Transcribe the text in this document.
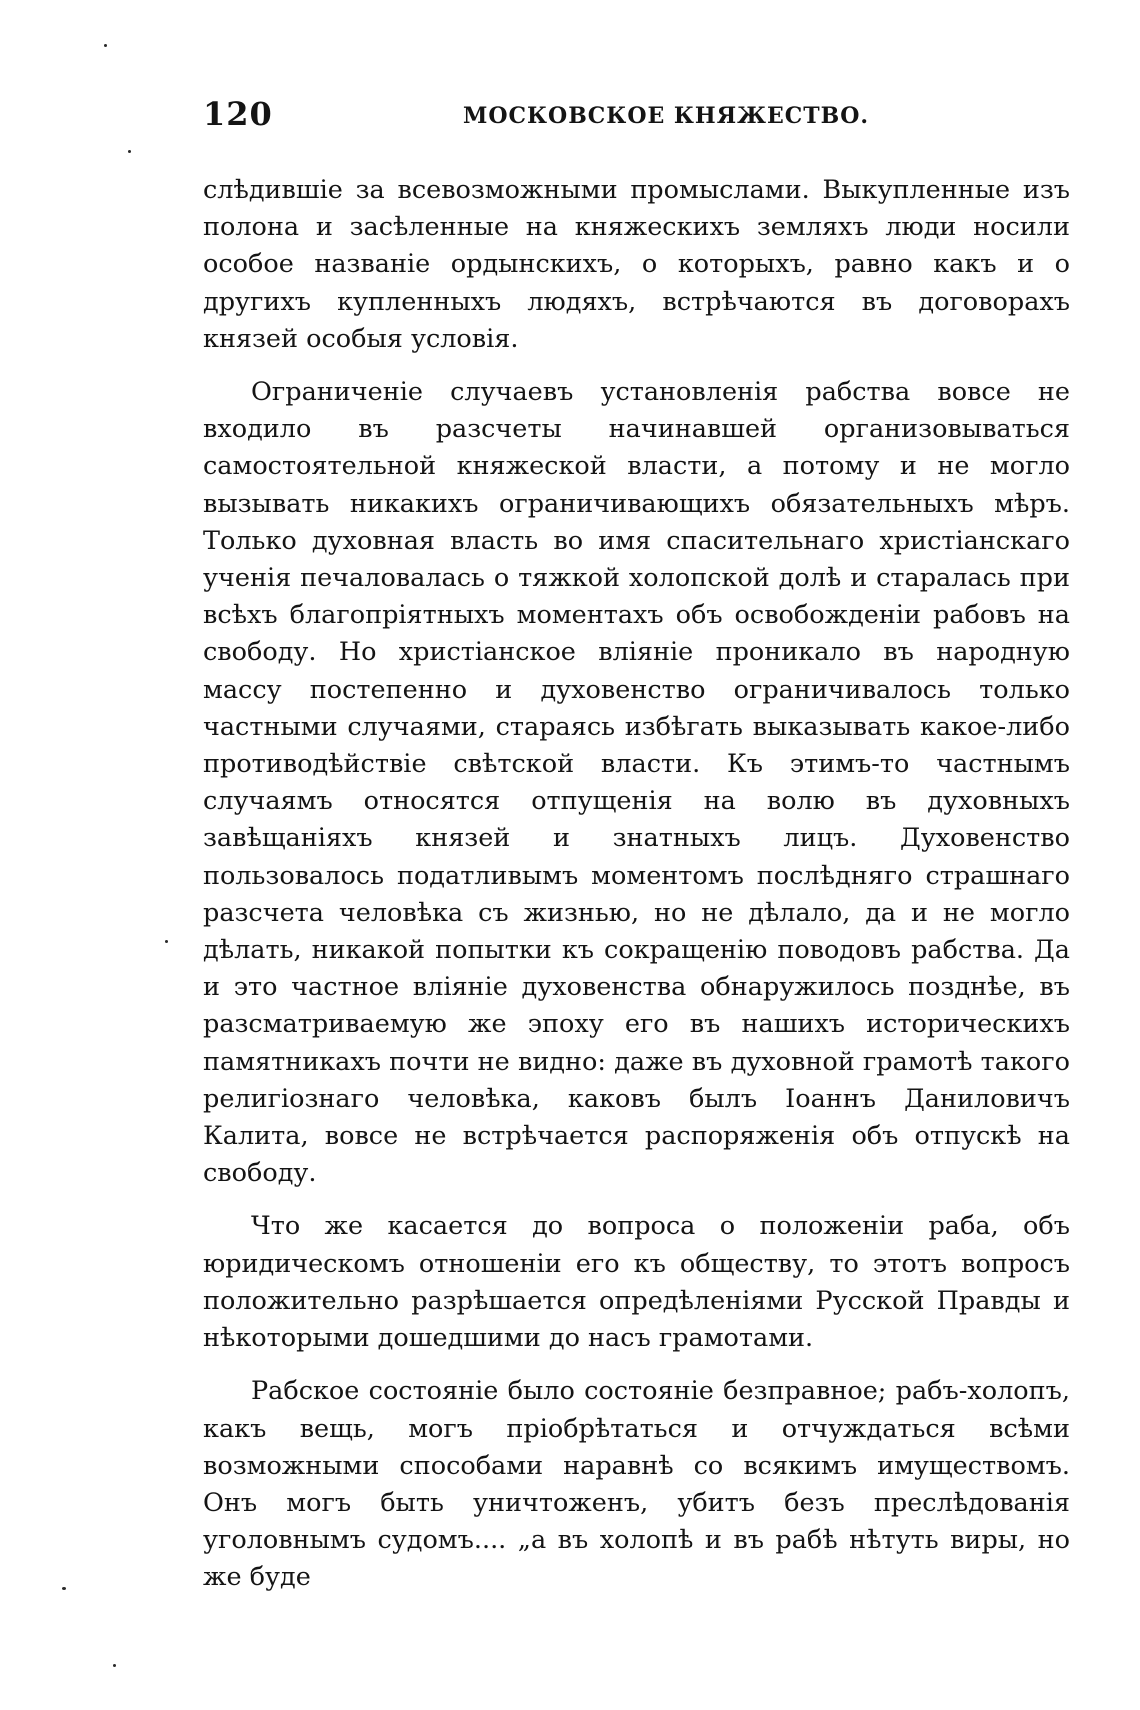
120	МОСКОВСКОЕ КНЯЖЕСТВО.

слѣдившіе за всевозможными промыслами. Выкупленные изъ полона и засѣленные на княжескихъ земляхъ люди носили особое названіе ордынскихъ, о которыхъ, равно какъ и о другихъ купленныхъ людяхъ, встрѣчаются въ договорахъ князей особыя условія.

Ограниченіе случаевъ установленія рабства вовсе не входило въ разсчеты начинавшей организовываться самостоятельной княжеской власти, а потому и не могло вызывать никакихъ ограничивающихъ обязательныхъ мѣръ. Только духовная власть во имя спасительнаго христіанскаго ученія печаловалась о тяжкой холопской долѣ и старалась при всѣхъ благопріятныхъ моментахъ объ освобожденіи рабовъ на свободу. Но христіанское вліяніе проникало въ народную массу постепенно и духовенство ограничивалось только частными случаями, стараясь избѣгать выказывать какое-либо противодѣйствіе свѣтской власти. Къ этимъ-то частнымъ случаямъ относятся отпущенія на волю въ духовныхъ завѣщаніяхъ князей и знатныхъ лицъ. Духовенство пользовалось податливымъ моментомъ послѣдняго страшнаго разсчета человѣка съ жизнью, но не дѣлало, да и не могло дѣлать, никакой попытки къ сокращенію поводовъ рабства. Да и это частное вліяніе духовенства обнаружилось позднѣе, въ разсматриваемую же эпоху его въ нашихъ историческихъ памятникахъ почти не видно: даже въ духовной грамотѣ такого религіознаго человѣка, каковъ былъ Іоаннъ Даниловичъ Калита, вовсе не встрѣчается распоряженія объ отпускѣ на свободу.

Что же касается до вопроса о положеніи раба, объ юридическомъ отношеніи его къ обществу, то этотъ вопросъ положительно разрѣшается опредѣленіями Русской Правды и нѣкоторыми дошедшими до насъ грамотами.

Рабское состояніе было состояніе безправное; рабъ-холопъ, какъ вещь, могъ пріобрѣтаться и отчуждаться всѣми возможными способами наравнѣ со всякимъ имуществомъ. Онъ могъ быть уничтоженъ, убитъ безъ преслѣдованія уголовнымъ судомъ.... „а въ холопѣ и въ рабѣ нѣтуть виры, но же буде
